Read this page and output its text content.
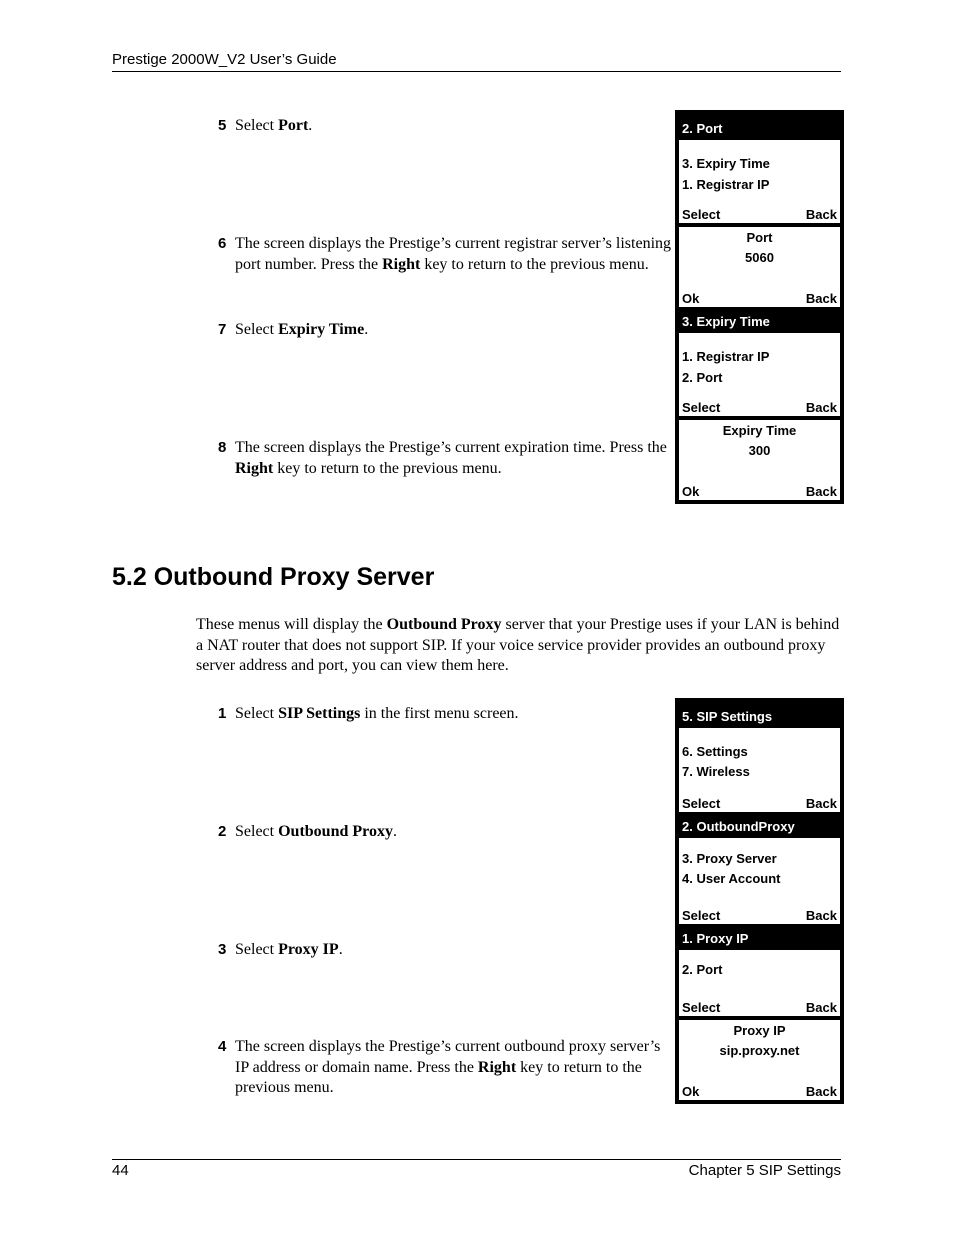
Prestige 2000W_V2 User’s Guide
5 Select Port.
6 The screen displays the Prestige’s current registrar server’s listening port number. Press the Right key to return to the previous menu.
7 Select Expiry Time.
8 The screen displays the Prestige’s current expiration time. Press the Right key to return to the previous menu.
2. Port
3. Expiry Time
1. Registrar IP
Select	Back
Port
5060
Ok	Back
3. Expiry Time
1. Registrar IP
2. Port
Select	Back
Expiry Time
300
Ok	Back
5.2 Outbound Proxy Server
These menus will display the Outbound Proxy server that your Prestige uses if your LAN is behind a NAT router that does not support SIP. If your voice service provider provides an outbound proxy server address and port, you can view them here.
1 Select SIP Settings in the first menu screen.
2 Select Outbound Proxy.
3 Select Proxy IP.
4 The screen displays the Prestige’s current outbound proxy server’s IP address or domain name. Press the Right key to return to the previous menu.
5. SIP Settings
6. Settings
7. Wireless
Select	Back
2. OutboundProxy
3. Proxy Server
4. User Account
Select	Back
1. Proxy IP
2. Port
Select	Back
Proxy IP
sip.proxy.net
Ok	Back
44	Chapter 5 SIP Settings
